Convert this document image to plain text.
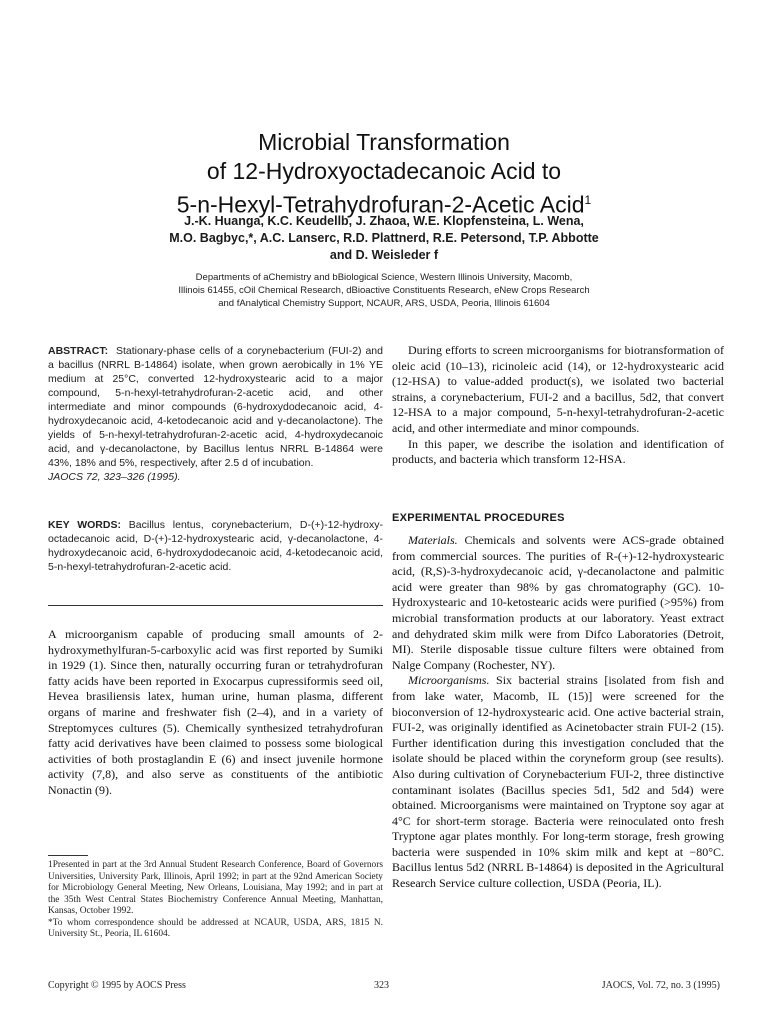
Microbial Transformation
of 12-Hydroxyoctadecanoic Acid to
5-n-Hexyl-Tetrahydrofuran-2-Acetic Acid$^1$
J.-K. Huanga, K.C. Keudellb, J. Zhaoa, W.E. Klopfensteina, L. Wena,
M.O. Bagbyc,*, A.C. Lanserc, R.D. Plattnerd, R.E. Petersond, T.P. Abbotte
and D. Weisleder f
Departments of aChemistry and bBiological Science, Western Illinois University, Macomb,
Illinois 61455, cOil Chemical Research, dBioactive Constituents Research, eNew Crops Research
and fAnalytical Chemistry Support, NCAUR, ARS, USDA, Peoria, Illinois 61604

ABSTRACT: Stationary-phase cells of a corynebacterium (FUI-2) and a bacillus (NRRL B-14864) isolate, when grown aerobically in 1% YE medium at 25°C, converted 12-hydroxystearic acid to a major compound, 5-n-hexyl-tetrahydrofuran-2-acetic acid, and other intermediate and minor compounds (6-hydroxydodecanoic acid, 4-hydroxydecanoic acid, 4-ketodecanoic acid and γ-decanolactone). The yields of 5-n-hexyl-tetrahydrofuran-2-acetic acid, 4-hydroxydecanoic acid, and γ-decanolactone, by Bacillus lentus NRRL B-14864 were 43%, 18% and 5%, respectively, after 2.5 d of incubation.

JAOCS 72, 323–326 (1995).

KEY WORDS: Bacillus lentus, corynebacterium, D-(+)-12-hydroxy-octadecanoic acid, D-(+)-12-hydroxystearic acid, γ-decanolactone, 4-hydroxydecanoic acid, 6-hydroxydodecanoic acid, 4-ketodecanoic acid, 5-n-hexyl-tetrahydrofuran-2-acetic acid.

A microorganism capable of producing small amounts of 2-hydroxymethylfuran-5-carboxylic acid was first reported by Sumiki in 1929 (1). Since then, naturally occurring furan or tetrahydrofuran fatty acids have been reported in Exocarpus cupressiformis seed oil, Hevea brasiliensis latex, human urine, human plasma, different organs of marine and freshwater fish (2–4), and in a variety of Streptomyces cultures (5). Chemically synthesized tetrahydrofuran fatty acid derivatives have been claimed to possess some biological activities of both prostaglandin E (6) and insect juvenile hormone activity (7,8), and also serve as constituents of the antibiotic Nonactin (9).

1Presented in part at the 3rd Annual Student Research Conference, Board of Governors Universities, University Park, Illinois, April 1992; in part at the 92nd American Society for Microbiology General Meeting, New Orleans, Louisiana, May 1992; and in part at the 35th West Central States Biochemistry Conference Annual Meeting, Manhattan, Kansas, October 1992.

*To whom correspondence should be addressed at NCAUR, USDA, ARS, 1815 N. University St., Peoria, IL 61604.

During efforts to screen microorganisms for biotransformation of oleic acid (10–13), ricinoleic acid (14), or 12-hydroxystearic acid (12-HSA) to value-added product(s), we isolated two bacterial strains, a corynebacterium, FUI-2 and a bacillus, 5d2, that convert 12-HSA to a major compound, 5-n-hexyl-tetrahydrofuran-2-acetic acid, and other intermediate and minor compounds.

In this paper, we describe the isolation and identification of products, and bacteria which transform 12-HSA.

EXPERIMENTAL PROCEDURES

Materials. Chemicals and solvents were ACS-grade obtained from commercial sources. The purities of R-(+)-12-hydroxystearic acid, (R,S)-3-hydroxydecanoic acid, γ-decanolactone and palmitic acid were greater than 98% by gas chromatography (GC). 10-Hydroxystearic and 10-ketostearic acids were purified (>95%) from microbial transformation products at our laboratory. Yeast extract and dehydrated skim milk were from Difco Laboratories (Detroit, MI). Sterile disposable tissue culture filters were obtained from Nalge Company (Rochester, NY).

Microorganisms. Six bacterial strains [isolated from fish and from lake water, Macomb, IL (15)] were screened for the bioconversion of 12-hydroxystearic acid. One active bacterial strain, FUI-2, was originally identified as Acinetobacter strain FUI-2 (15). Further identification during this investigation concluded that the isolate should be placed within the coryneform group (see results). Also during cultivation of Corynebacterium FUI-2, three distinctive contaminant isolates (Bacillus species 5d1, 5d2 and 5d4) were obtained. Microorganisms were maintained on Tryptone soy agar at 4°C for short-term storage. Bacteria were reinoculated onto fresh Tryptone agar plates monthly. For long-term storage, fresh growing bacteria were suspended in 10% skim milk and kept at −80°C. Bacillus lentus 5d2 (NRRL B-14864) is deposited in the Agricultural Research Service culture collection, USDA (Peoria, IL).

Copyright © 1995 by AOCS Press	323	JAOCS, Vol. 72, no. 3 (1995)
